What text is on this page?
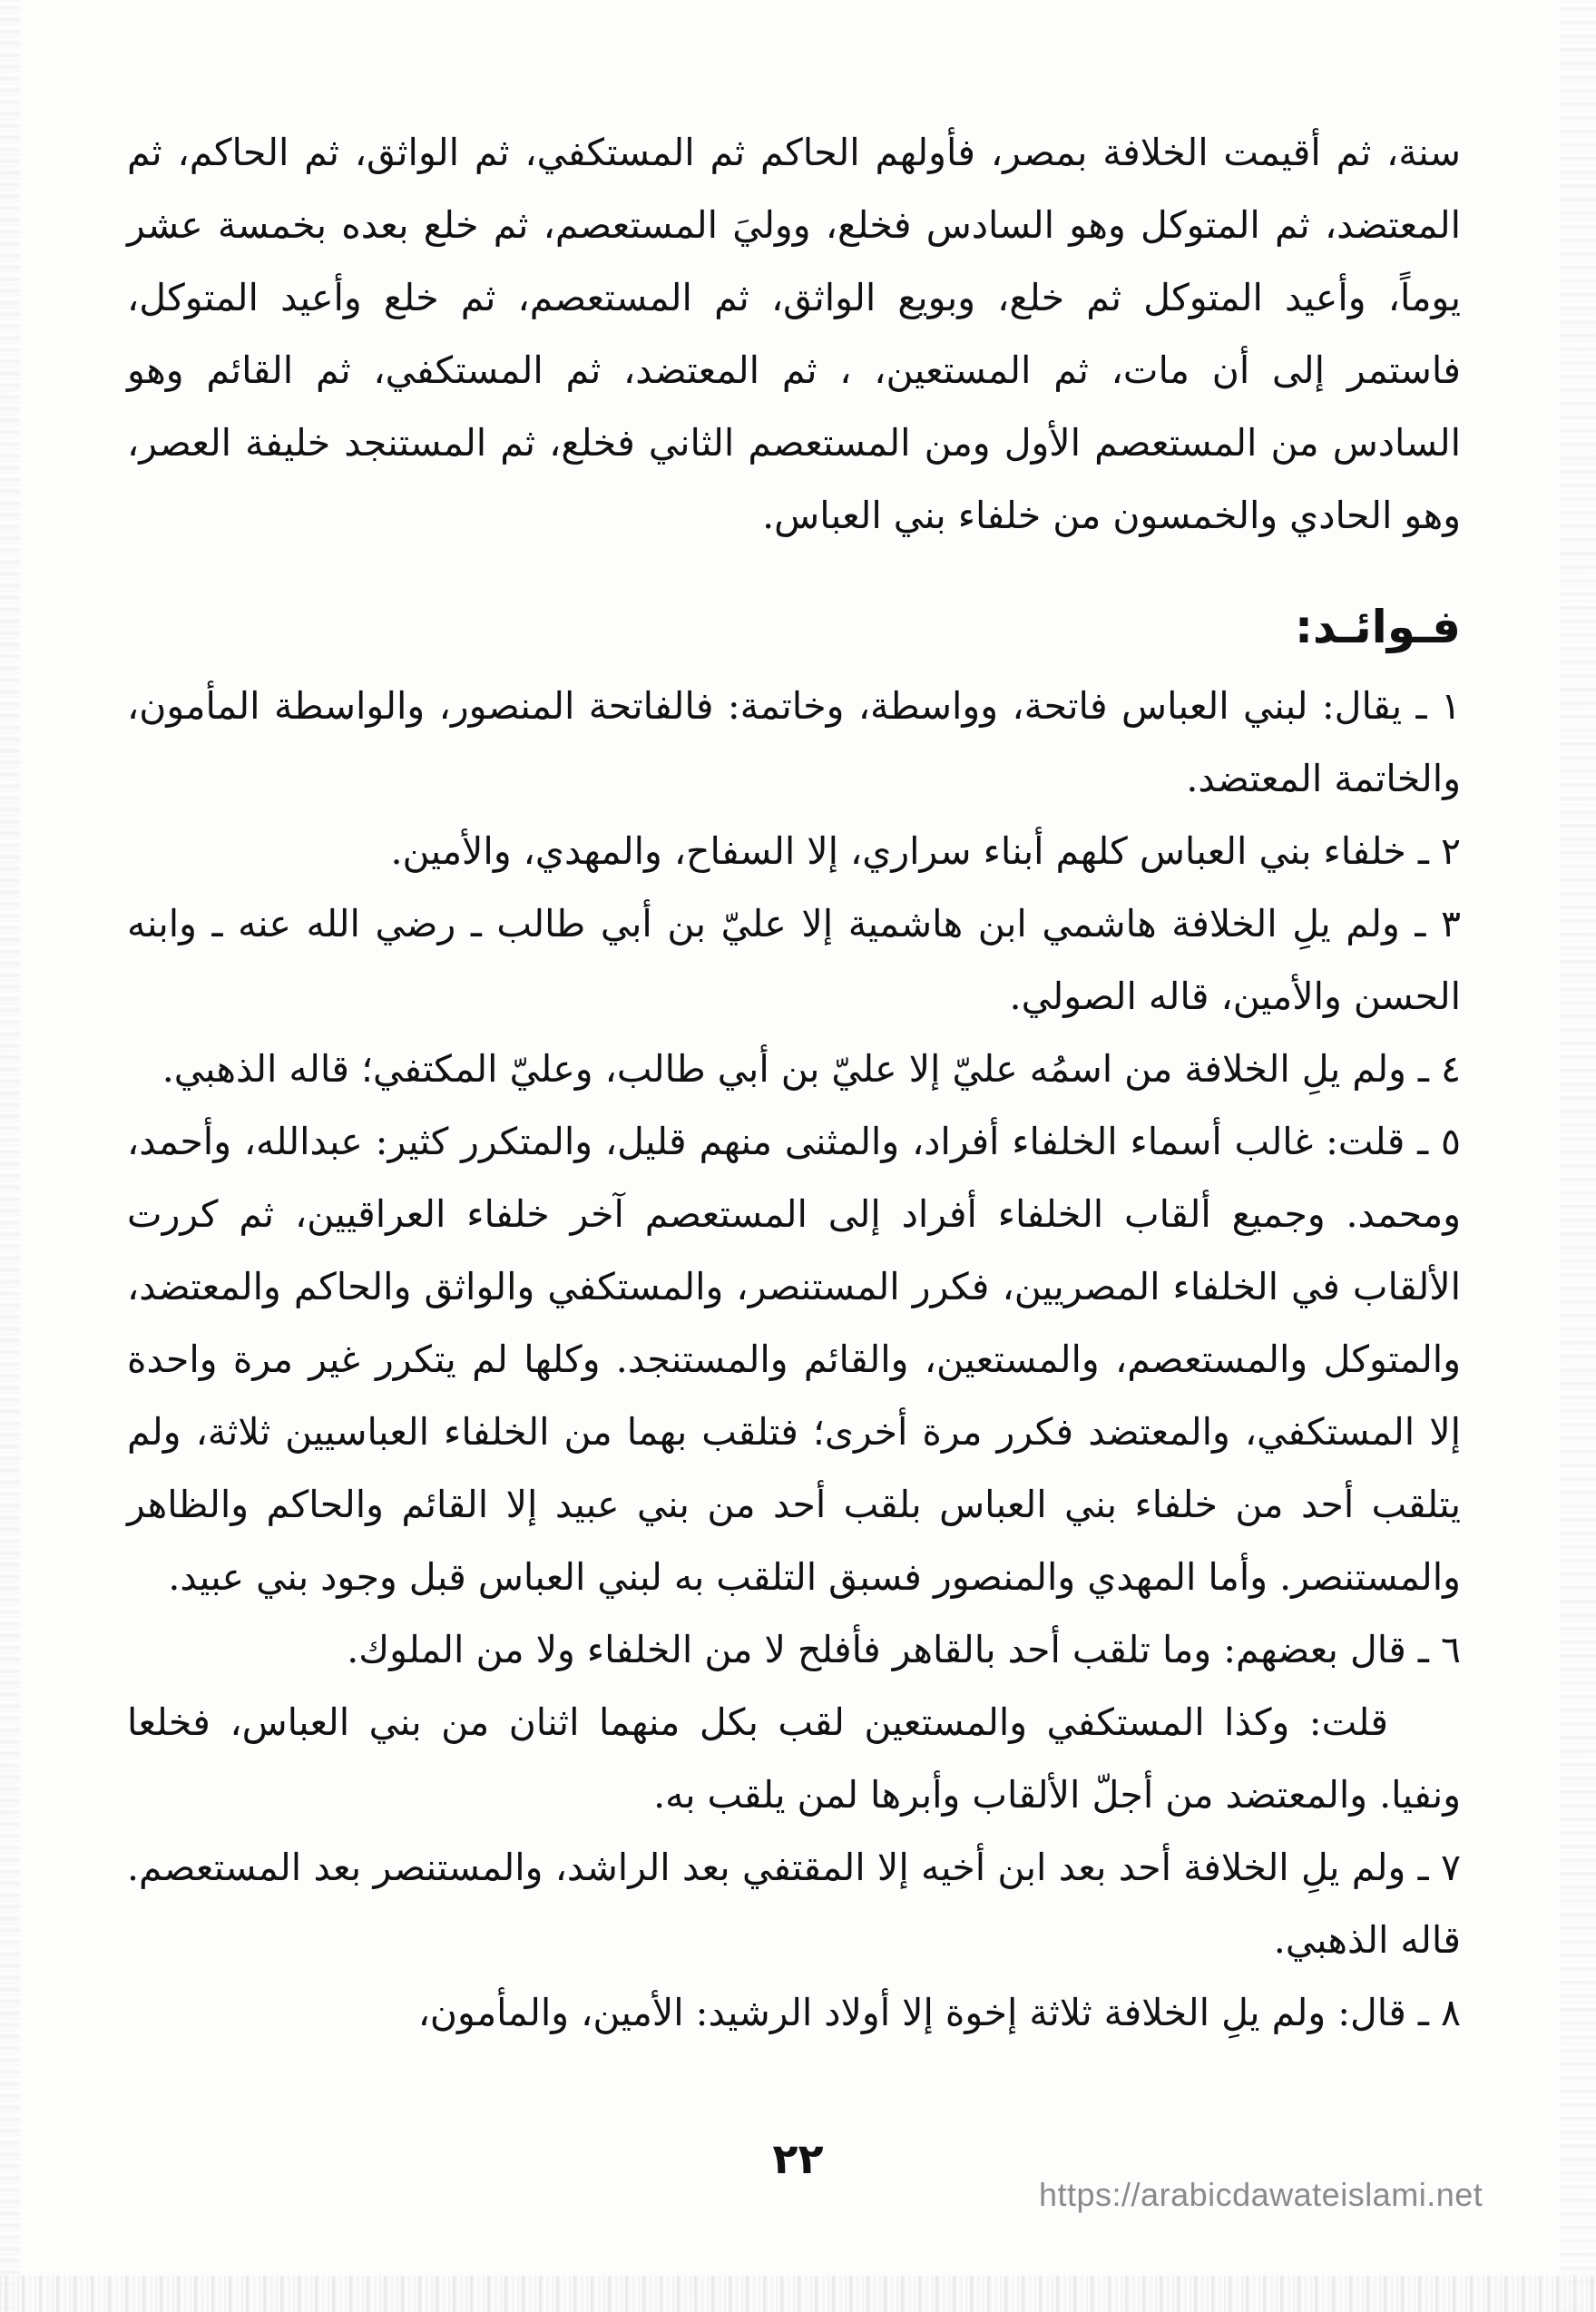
سنة، ثم أقيمت الخلافة بمصر، فأولهم الحاكم ثم المستكفي، ثم الواثق، ثم الحاكم، ثم المعتضد، ثم المتوكل وهو السادس فخلع، ووليَ المستعصم، ثم خلع بعده بخمسة عشر يوماً، وأعيد المتوكل ثم خلع، وبويع الواثق، ثم المستعصم، ثم خلع وأعيد المتوكل، فاستمر إلى أن مات، ثم المستعين، ، ثم المعتضد، ثم المستكفي، ثم القائم وهو السادس من المستعصم الأول ومن المستعصم الثاني فخلع، ثم المستنجد خليفة العصر، وهو الحادي والخمسون من خلفاء بني العباس.

فـوائـد:

١ ـ يقال: لبني العباس فاتحة، وواسطة، وخاتمة: فالفاتحة المنصور، والواسطة المأمون، والخاتمة المعتضد.

٢ ـ خلفاء بني العباس كلهم أبناء سراري، إلا السفاح، والمهدي، والأمين.

٣ ـ ولم يلِ الخلافة هاشمي ابن هاشمية إلا عليّ بن أبي طالب ـ رضي الله عنه ـ وابنه الحسن والأمين، قاله الصولي.

٤ ـ ولم يلِ الخلافة من اسمُه عليّ إلا عليّ بن أبي طالب، وعليّ المكتفي؛ قاله الذهبي.

٥ ـ قلت: غالب أسماء الخلفاء أفراد، والمثنى منهم قليل، والمتكرر كثير: عبدالله، وأحمد، ومحمد. وجميع ألقاب الخلفاء أفراد إلى المستعصم آخر خلفاء العراقيين، ثم كررت الألقاب في الخلفاء المصريين، فكرر المستنصر، والمستكفي والواثق والحاكم والمعتضد، والمتوكل والمستعصم، والمستعين، والقائم والمستنجد. وكلها لم يتكرر غير مرة واحدة إلا المستكفي، والمعتضد فكرر مرة أخرى؛ فتلقب بهما من الخلفاء العباسيين ثلاثة، ولم يتلقب أحد من خلفاء بني العباس بلقب أحد من بني عبيد إلا القائم والحاكم والظاهر والمستنصر. وأما المهدي والمنصور فسبق التلقب به لبني العباس قبل وجود بني عبيد.

٦ ـ قال بعضهم: وما تلقب أحد بالقاهر فأفلح لا من الخلفاء ولا من الملوك.

قلت: وكذا المستكفي والمستعين لقب بكل منهما اثنان من بني العباس، فخلعا ونفيا. والمعتضد من أجلّ الألقاب وأبرها لمن يلقب به.

٧ ـ ولم يلِ الخلافة أحد بعد ابن أخيه إلا المقتفي بعد الراشد، والمستنصر بعد المستعصم. قاله الذهبي.

٨ ـ قال: ولم يلِ الخلافة ثلاثة إخوة إلا أولاد الرشيد: الأمين، والمأمون،

٢٢
https://arabicdawateislami.net
